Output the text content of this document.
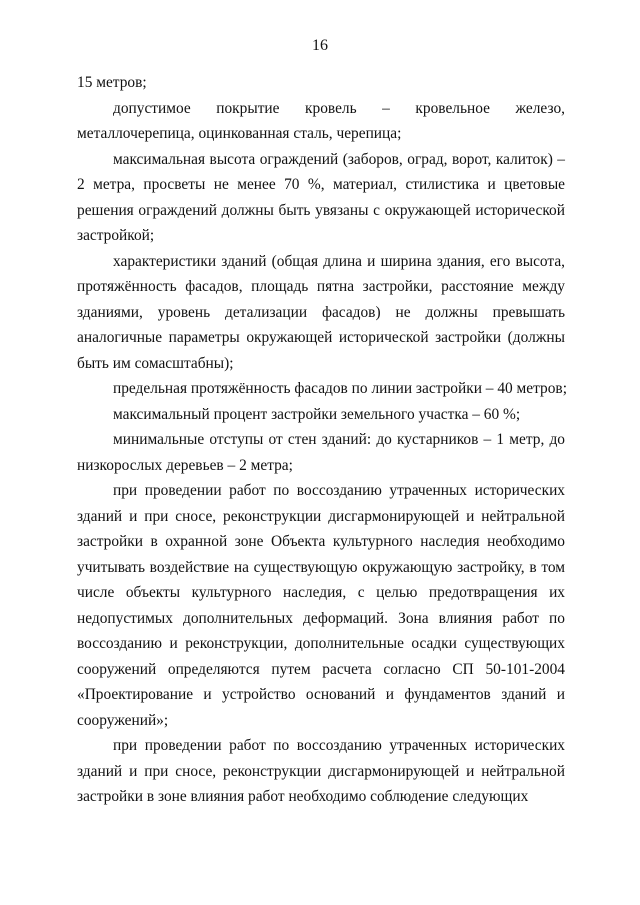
16
15 метров;
допустимое покрытие кровель – кровельное железо,
металлочерепица, оцинкованная сталь, черепица;
максимальная высота ограждений (заборов, оград, ворот, калиток) –
2 метра, просветы не менее 70 %, материал, стилистика и цветовые
решения ограждений должны быть увязаны с окружающей исторической
застройкой;
характеристики зданий (общая длина и ширина здания, его высота,
протяжённость фасадов, площадь пятна застройки, расстояние между
зданиями, уровень детализации фасадов) не должны превышать
аналогичные параметры окружающей исторической застройки (должны
быть им сомасштабны);
предельная протяжённость фасадов по линии застройки – 40 метров;
максимальный процент застройки земельного участка – 60 %;
минимальные отступы от стен зданий: до кустарников – 1 метр, до
низкорослых деревьев – 2 метра;
при проведении работ по воссозданию утраченных исторических
зданий и при сносе, реконструкции дисгармонирующей и нейтральной
застройки в охранной зоне Объекта культурного наследия необходимо
учитывать воздействие на существующую окружающую застройку, в том
числе объекты культурного наследия, с целью предотвращения их
недопустимых дополнительных деформаций. Зона влияния работ по
воссозданию и реконструкции, дополнительные осадки существующих
сооружений определяются путем расчета согласно СП 50-101-2004
«Проектирование и устройство оснований и фундаментов зданий и
сооружений»;
при проведении работ по воссозданию утраченных исторических
зданий и при сносе, реконструкции дисгармонирующей и нейтральной
застройки в зоне влияния работ необходимо соблюдение следующих
